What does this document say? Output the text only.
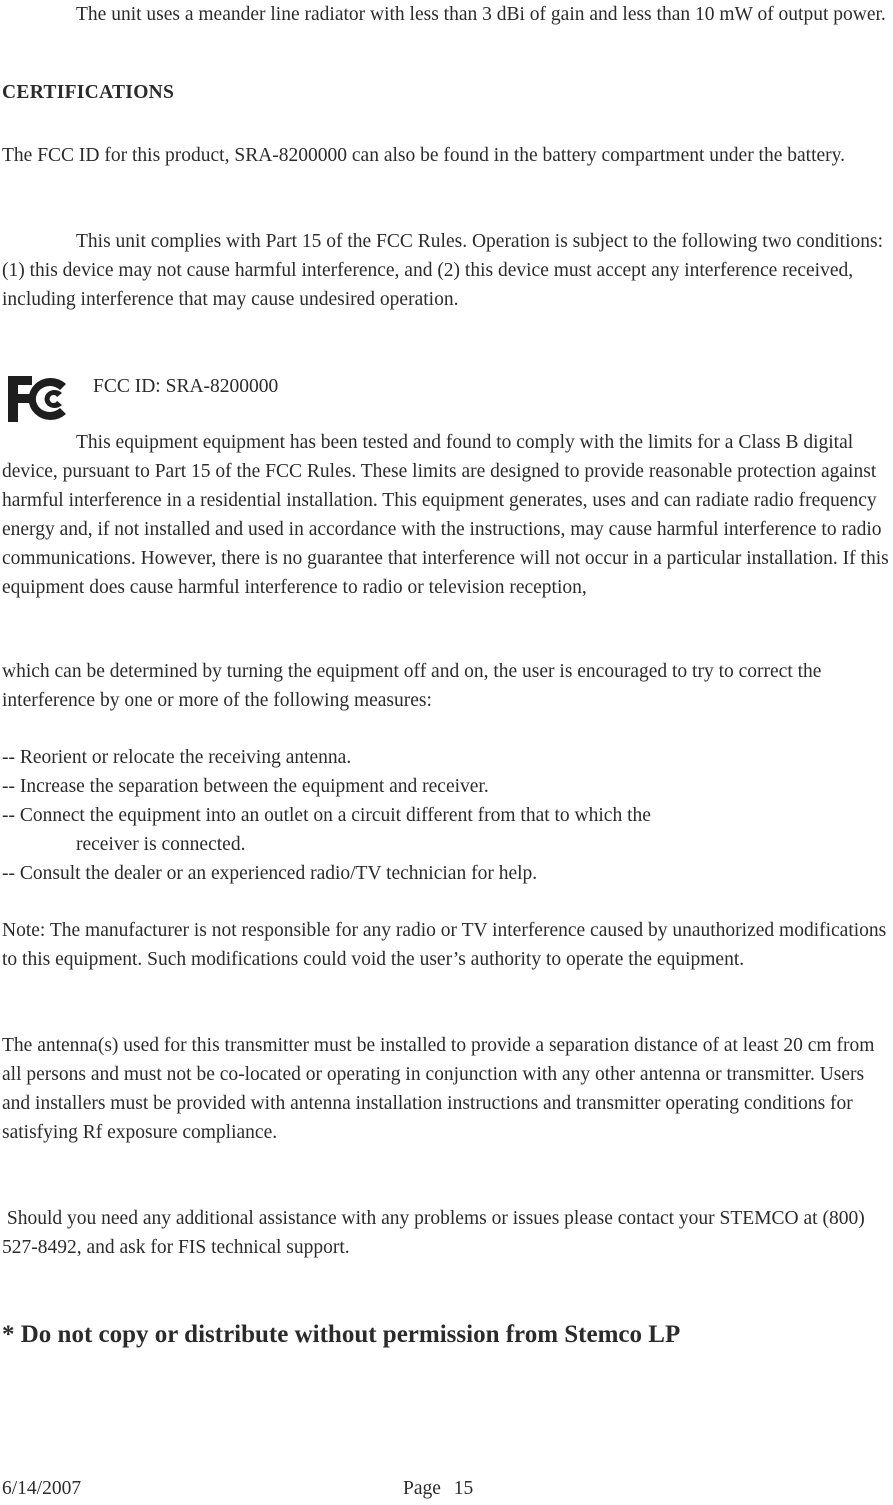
The unit uses a meander line radiator with less than 3 dBi of gain and less than 10 mW of output power.

CERTIFICATIONS

The FCC ID for this product, SRA-8200000 can also be found in the battery compartment under the battery.

This unit complies with Part 15 of the FCC Rules. Operation is subject to the following two conditions: (1) this device may not cause harmful interference, and (2) this device must accept any interference received, including interference that may cause undesired operation.

FCC ID: SRA-8200000

This equipment equipment has been tested and found to comply with the limits for a Class B digital device, pursuant to Part 15 of the FCC Rules. These limits are designed to provide reasonable protection against harmful interference in a residential installation. This equipment generates, uses and can radiate radio frequency energy and, if not installed and used in accordance with the instructions, may cause harmful interference to radio communications. However, there is no guarantee that interference will not occur in a particular installation. If this equipment does cause harmful interference to radio or television reception,

which can be determined by turning the equipment off and on, the user is encouraged to try to correct the interference by one or more of the following measures:

-- Reorient or relocate the receiving antenna.
-- Increase the separation between the equipment and receiver.
-- Connect the equipment into an outlet on a circuit different from that to which the
receiver is connected.
-- Consult the dealer or an experienced radio/TV technician for help.

Note: The manufacturer is not responsible for any radio or TV interference caused by unauthorized modifications to this equipment. Such modifications could void the user’s authority to operate the equipment.

The antenna(s) used for this transmitter must be installed to provide a separation distance of at least 20 cm from all persons and must not be co-located or operating in conjunction with any other antenna or transmitter. Users and installers must be provided with antenna installation instructions and transmitter operating conditions for satisfying Rf exposure compliance.

Should you need any additional assistance with any problems or issues please contact your STEMCO at (800) 527-8492, and ask for FIS technical support.

* Do not copy or distribute without permission from Stemco LP

6/14/2007	Page 15
